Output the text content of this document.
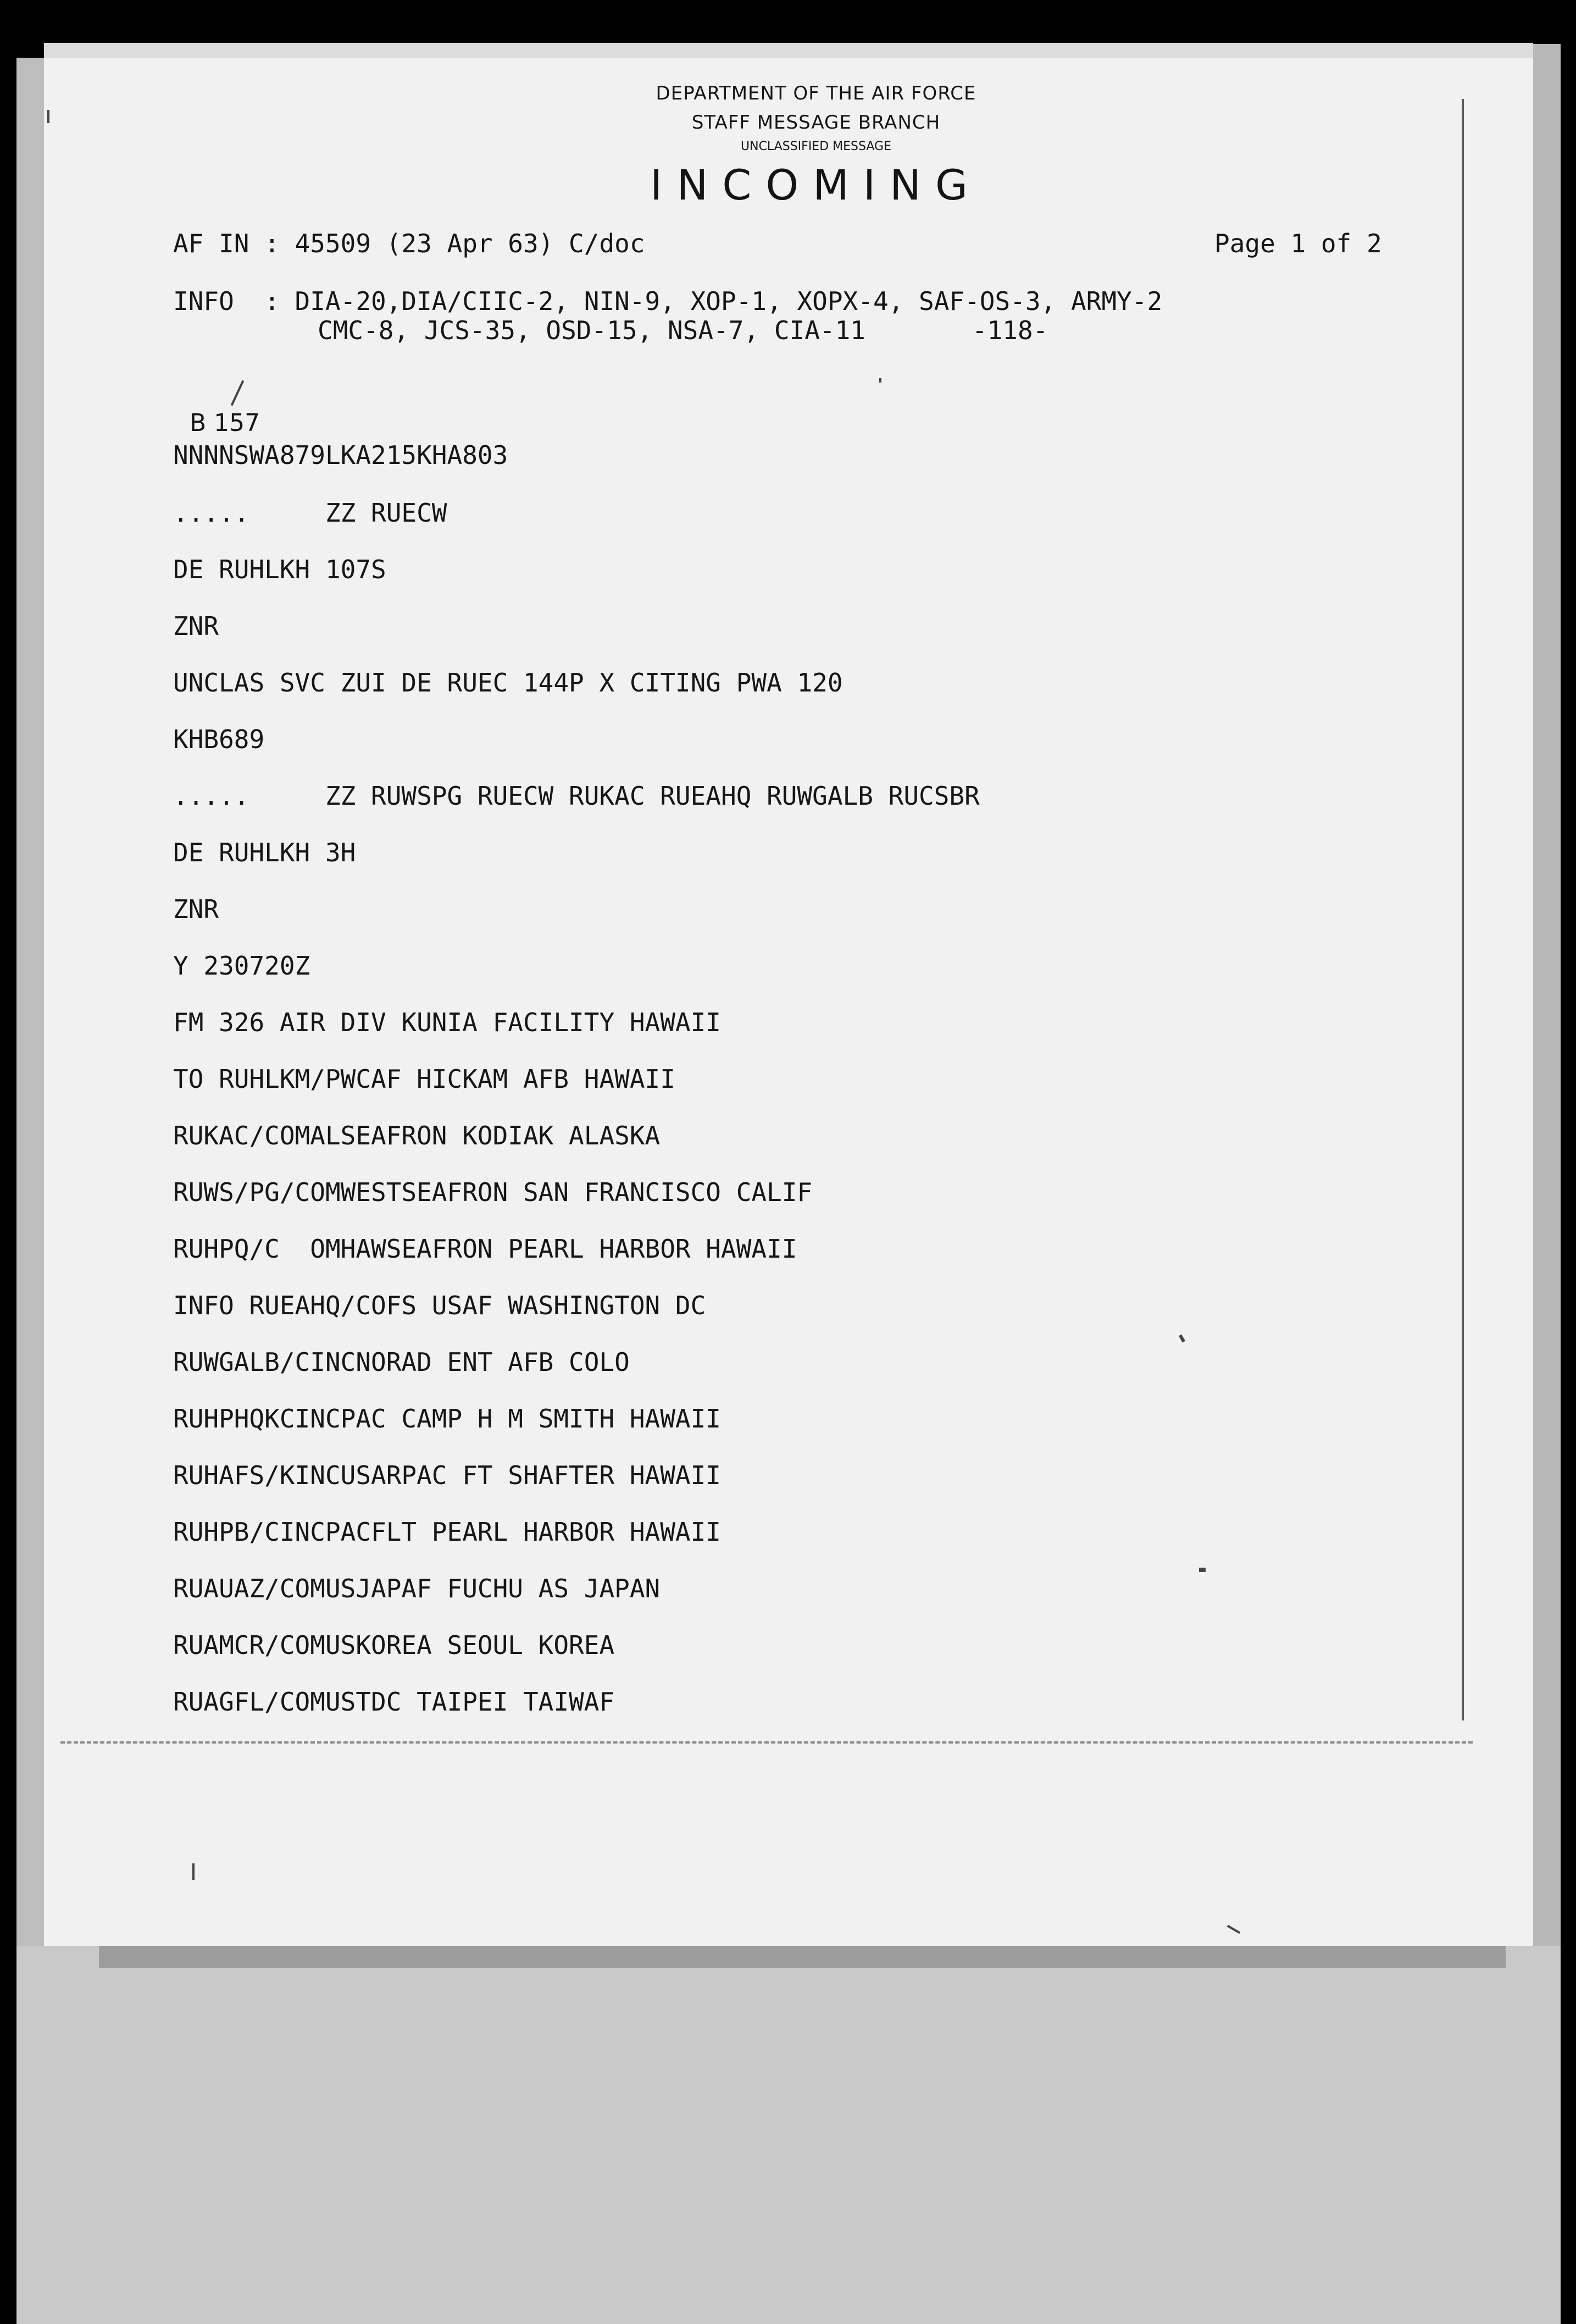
DEPARTMENT OF THE AIR FORCE
STAFF MESSAGE BRANCH
UNCLASSIFIED MESSAGE
INCOMING
AF IN : 45509 (23 Apr 63) C/doc	Page 1 of 2
INFO  : DIA-20,DIA/CIIC-2, NIN-9, XOP-1, XOPX-4, SAF-OS-3, ARMY-2
CMC-8, JCS-35, OSD-15, NSA-7, CIA-11       -118-
B 157
NNNNSWA879LKA215KHA803
.....     ZZ RUECW
DE RUHLKH 107S
ZNR
UNCLAS SVC ZUI DE RUEC 144P X CITING PWA 120
KHB689
.....     ZZ RUWSPG RUECW RUKAC RUEAHQ RUWGALB RUCSBR
DE RUHLKH 3H
ZNR
Y 230720Z
FM 326 AIR DIV KUNIA FACILITY HAWAII
TO RUHLKM/PWCAF HICKAM AFB HAWAII
RUKAC/COMALSEAFRON KODIAK ALASKA
RUWS/PG/COMWESTSEAFRON SAN FRANCISCO CALIF
RUHPQ/C  OMHAWSEAFRON PEARL HARBOR HAWAII
INFO RUEAHQ/COFS USAF WASHINGTON DC
RUWGALB/CINCNORAD ENT AFB COLO
RUHPHQKCINCPAC CAMP H M SMITH HAWAII
RUHAFS/KINCUSARPAC FT SHAFTER HAWAII
RUHPB/CINCPACFLT PEARL HARBOR HAWAII
RUAUAZ/COMUSJAPAF FUCHU AS JAPAN
RUAMCR/COMUSKOREA SEOUL KOREA
RUAGFL/COMUSTDC TAIPEI TAIWAF
